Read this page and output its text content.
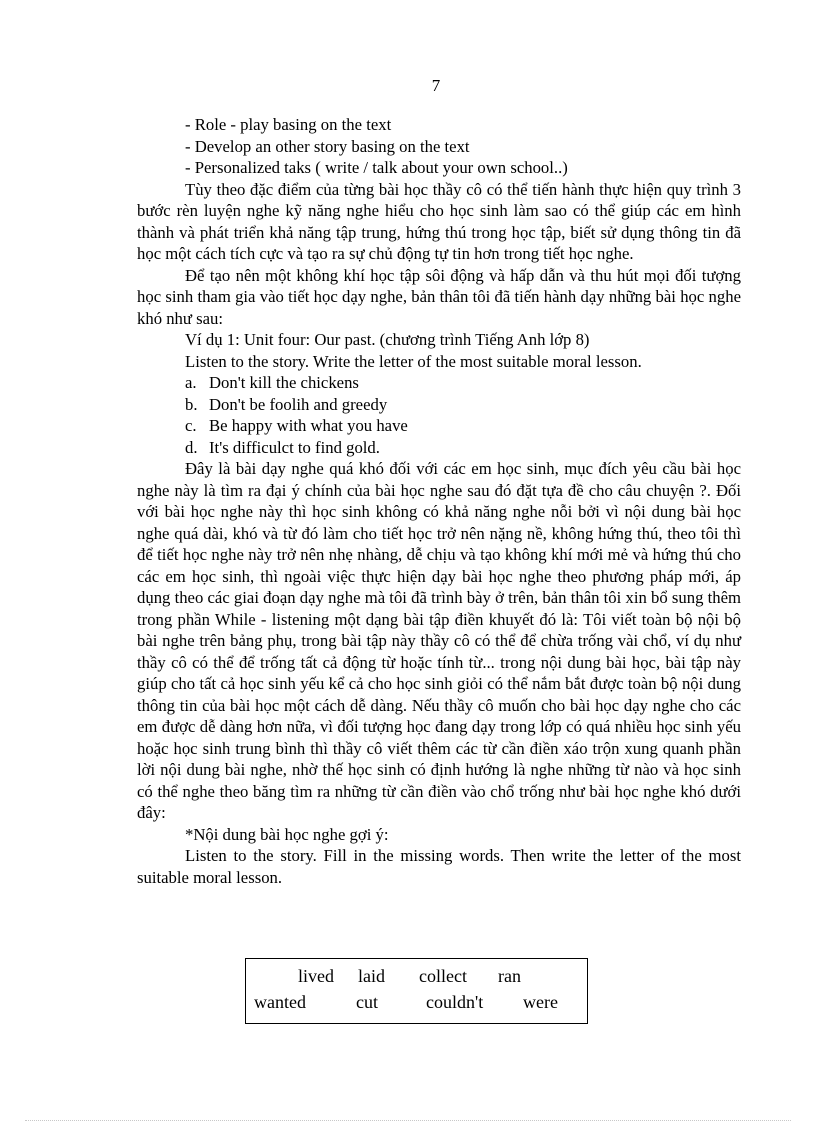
7

- Role - play basing on the text

- Develop an other story basing on the text

- Personalized taks ( write / talk about your own school..)

Tùy theo đặc điểm của từng bài học thầy cô có thể tiến hành thực hiện quy trình 3 bước rèn luyện nghe kỹ năng nghe hiểu cho học sinh làm sao có thể giúp các em hình thành và phát triển khả năng tập trung, hứng thú trong học tập, biết sử dụng thông tin đã học một cách tích cực và tạo ra sự chủ động tự tin hơn trong tiết học nghe.

Để tạo nên một không khí học tập sôi động và hấp dẫn và thu hút mọi đối tượng học sinh tham gia vào tiết học dạy nghe, bản thân tôi đã tiến hành dạy những bài học nghe khó như sau:

Ví dụ 1: Unit four: Our past. (chương trình Tiếng Anh lớp 8)

Listen to the story. Write the letter of the most suitable moral lesson.

a. Don't kill the chickens

b. Don't be foolih and greedy

c. Be happy with what you have

d. It's difficulct to find gold.

Đây là bài dạy nghe quá khó đối với các em học sinh, mục đích yêu cầu bài học nghe này là tìm ra đại ý chính của bài học nghe sau đó đặt tựa đề cho câu chuyện ?. Đối với bài học nghe này thì học sinh không có khả năng nghe nỗi bởi vì nội dung bài học nghe quá dài, khó và từ đó làm cho tiết học trở nên nặng nề, không hứng thú, theo tôi thì để tiết học nghe này trở nên nhẹ nhàng, dễ chịu và tạo không khí mới mẻ và hứng thú cho các em học sinh, thì ngoài việc thực hiện dạy bài học nghe theo phương pháp mới, áp dụng theo các giai đoạn dạy nghe mà tôi đã trình bày ở trên, bản thân tôi xin bổ sung thêm trong phần While - listening một dạng bài tập điền khuyết đó là: Tôi viết toàn bộ nội bộ bài nghe trên bảng phụ, trong bài tập này thầy cô có thể để chừa trống vài chổ, ví dụ như thầy cô có thể để trống tất cả động từ hoặc tính từ... trong nội dung bài học, bài tập này giúp cho tất cả học sinh yếu kể cả cho học sinh giỏi có thể nắm bắt được toàn bộ nội dung thông tin của bài học một cách dễ dàng. Nếu thầy cô muốn cho bài học dạy nghe cho các em được dễ dàng hơn nữa, vì đối tượng học đang dạy trong lớp có quá nhiều học sinh yếu hoặc học sinh trung bình thì thầy cô viết thêm các từ cần điền xáo trộn xung quanh phần lời nội dung bài nghe, nhờ thế học sinh có định hướng là nghe những từ nào và học sinh có thể nghe theo băng tìm ra những từ cần điền vào chổ trống như bài học nghe khó dưới đây:

*Nội dung bài học nghe gợi ý:

Listen to the story. Fill in the missing words. Then write the letter of the most suitable moral lesson.

lived laid collect ran
wanted	cut	couldn't were
